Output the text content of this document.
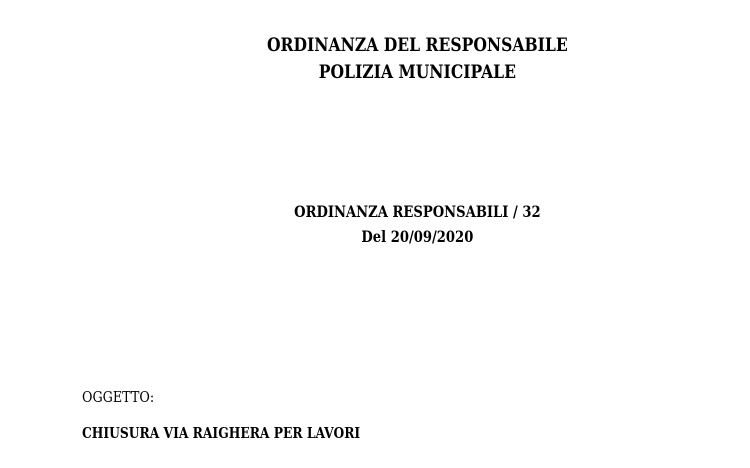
ORDINANZA DEL RESPONSABILE
POLIZIA MUNICIPALE
ORDINANZA RESPONSABILI / 32
Del 20/09/2020
OGGETTO:
CHIUSURA VIA RAIGHERA PER LAVORI
